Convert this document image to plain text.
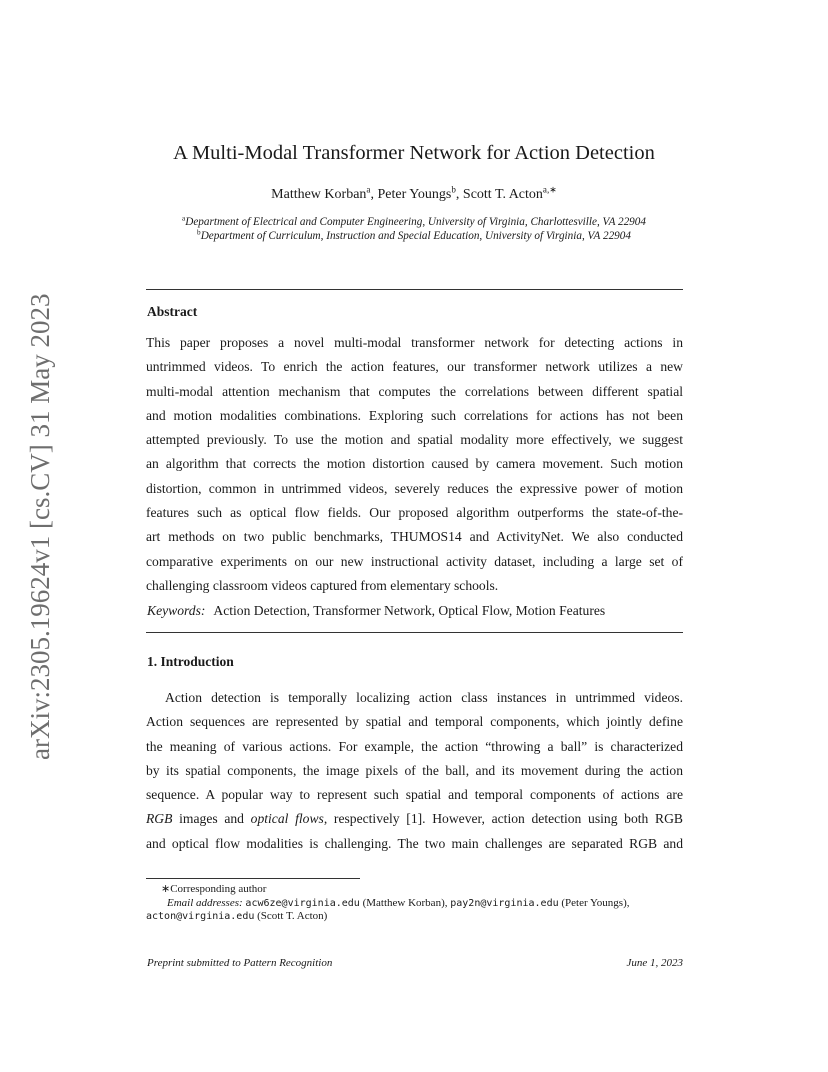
arXiv:2305.19624v1 [cs.CV] 31 May 2023
A Multi-Modal Transformer Network for Action Detection
Matthew Korban$^a$, Peter Youngs$^b$, Scott T. Acton$^{a,∗}$
$^a$Department of Electrical and Computer Engineering, University of Virginia, Charlottesville, VA 22904
$^b$Department of Curriculum, Instruction and Special Education, University of Virginia, VA 22904
Abstract
This paper proposes a novel multi-modal transformer network for detecting actions in
untrimmed videos. To enrich the action features, our transformer network utilizes a new
multi-modal attention mechanism that computes the correlations between different spatial
and motion modalities combinations. Exploring such correlations for actions has not been
attempted previously. To use the motion and spatial modality more effectively, we suggest
an algorithm that corrects the motion distortion caused by camera movement. Such motion
distortion, common in untrimmed videos, severely reduces the expressive power of motion
features such as optical flow fields. Our proposed algorithm outperforms the state-of-the-
art methods on two public benchmarks, THUMOS14 and ActivityNet. We also conducted
comparative experiments on our new instructional activity dataset, including a large set of
challenging classroom videos captured from elementary schools.
Keywords: Action Detection, Transformer Network, Optical Flow, Motion Features
1. Introduction
Action detection is temporally localizing action class instances in untrimmed videos.
Action sequences are represented by spatial and temporal components, which jointly define
the meaning of various actions. For example, the action “throwing a ball” is characterized
by its spatial components, the image pixels of the ball, and its movement during the action
sequence. A popular way to represent such spatial and temporal components of actions are
RGB images and optical flows, respectively [1]. However, action detection using both RGB
and optical flow modalities is challenging. The two main challenges are separated RGB and
∗Corresponding author
Email addresses: acw6ze@virginia.edu (Matthew Korban), pay2n@virginia.edu (Peter Youngs),
acton@virginia.edu (Scott T. Acton)
Preprint submitted to Pattern Recognition	June 1, 2023
